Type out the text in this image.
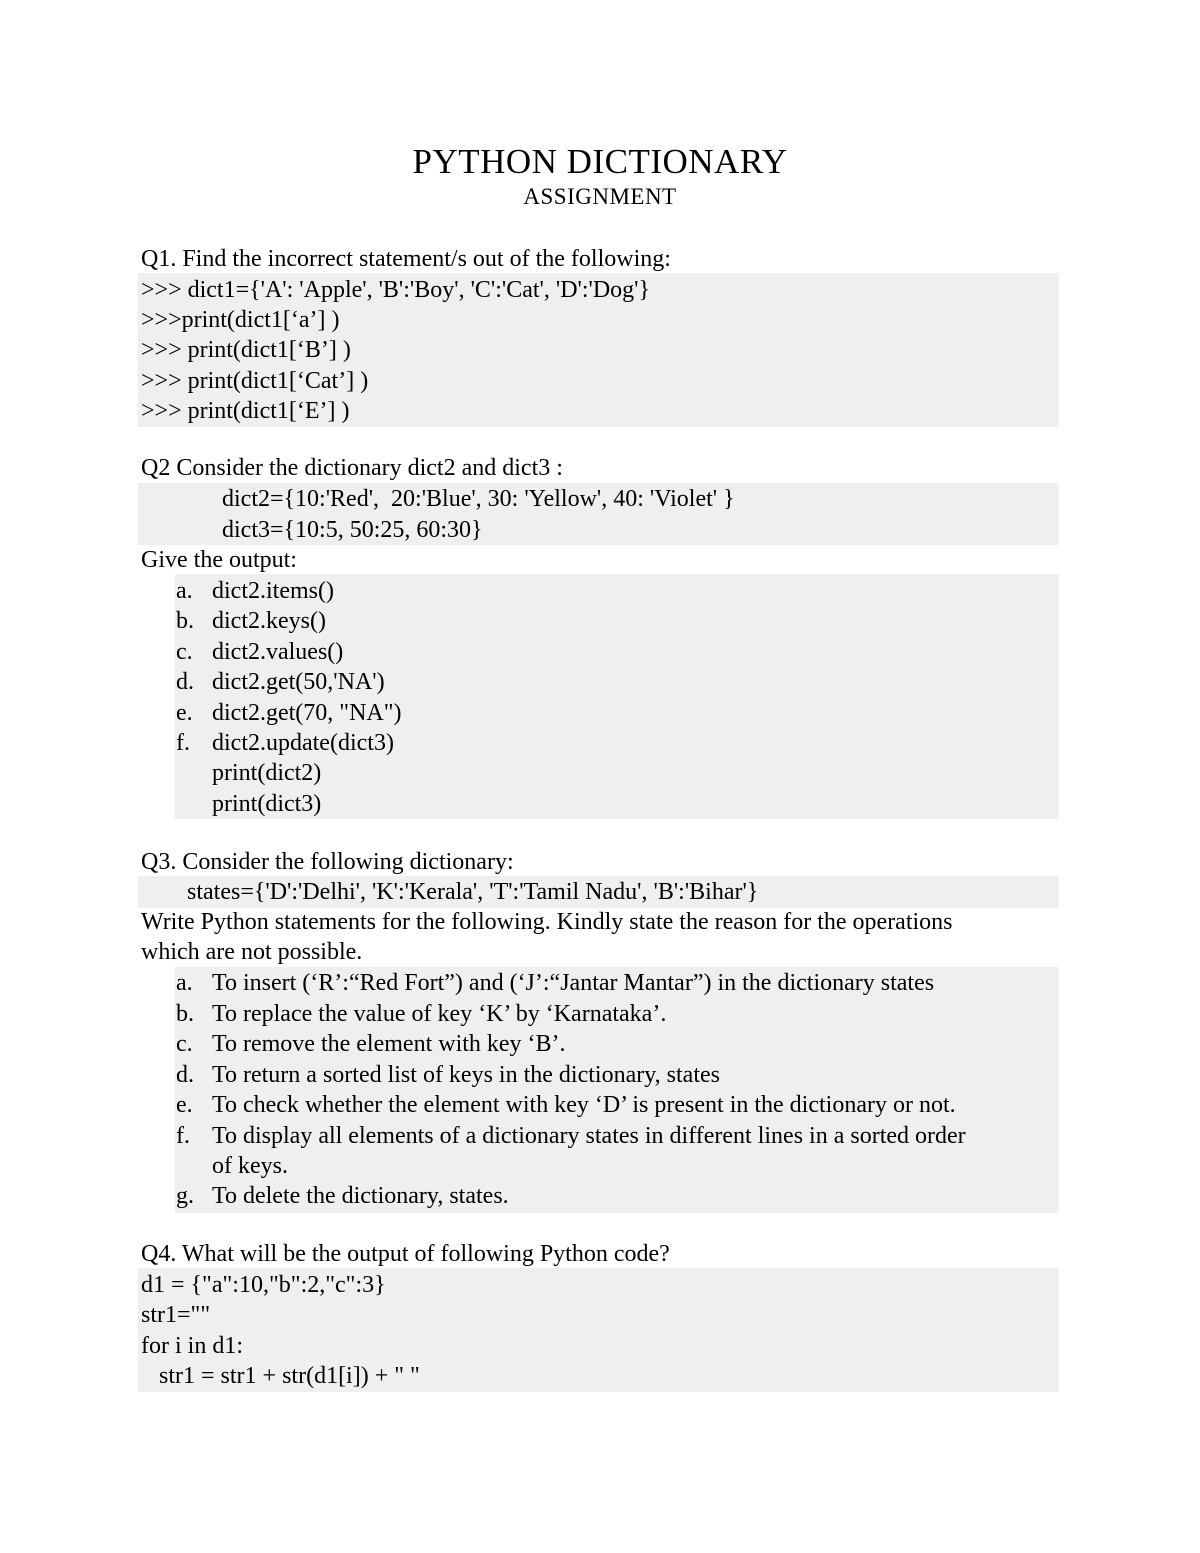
PYTHON DICTIONARY
ASSIGNMENT
Q1. Find the incorrect statement/s out of the following:
>>> dict1={'A': 'Apple', 'B':'Boy', 'C':'Cat', 'D':'Dog'}
>>>print(dict1[‘a’] )
>>> print(dict1[‘B’] )
>>> print(dict1[‘Cat’] )
>>> print(dict1[‘E’] )
Q2 Consider the dictionary dict2 and dict3 :
dict2={10:'Red',  20:'Blue', 30: 'Yellow', 40: 'Violet' }
dict3={10:5, 50:25, 60:30}
Give the output:
a. dict2.items()
b. dict2.keys()
c. dict2.values()
d. dict2.get(50,'NA')
e. dict2.get(70, "NA")
f. dict2.update(dict3)
print(dict2)
print(dict3)
Q3. Consider the following dictionary:
states={'D':'Delhi', 'K':'Kerala', 'T':'Tamil Nadu', 'B':'Bihar'}
Write Python statements for the following. Kindly state the reason for the operations
which are not possible.
a. To insert (‘R’:“Red Fort”) and (‘J’:“Jantar Mantar”) in the dictionary states
b. To replace the value of key ‘K’ by ‘Karnataka’.
c. To remove the element with key ‘B’.
d. To return a sorted list of keys in the dictionary, states
e. To check whether the element with key ‘D’ is present in the dictionary or not.
f. To display all elements of a dictionary states in different lines in a sorted order
of keys.
g. To delete the dictionary, states.
Q4. What will be the output of following Python code?
d1 = {"a":10,"b":2,"c":3}
str1=""
for i in d1:
str1 = str1 + str(d1[i]) + " "
